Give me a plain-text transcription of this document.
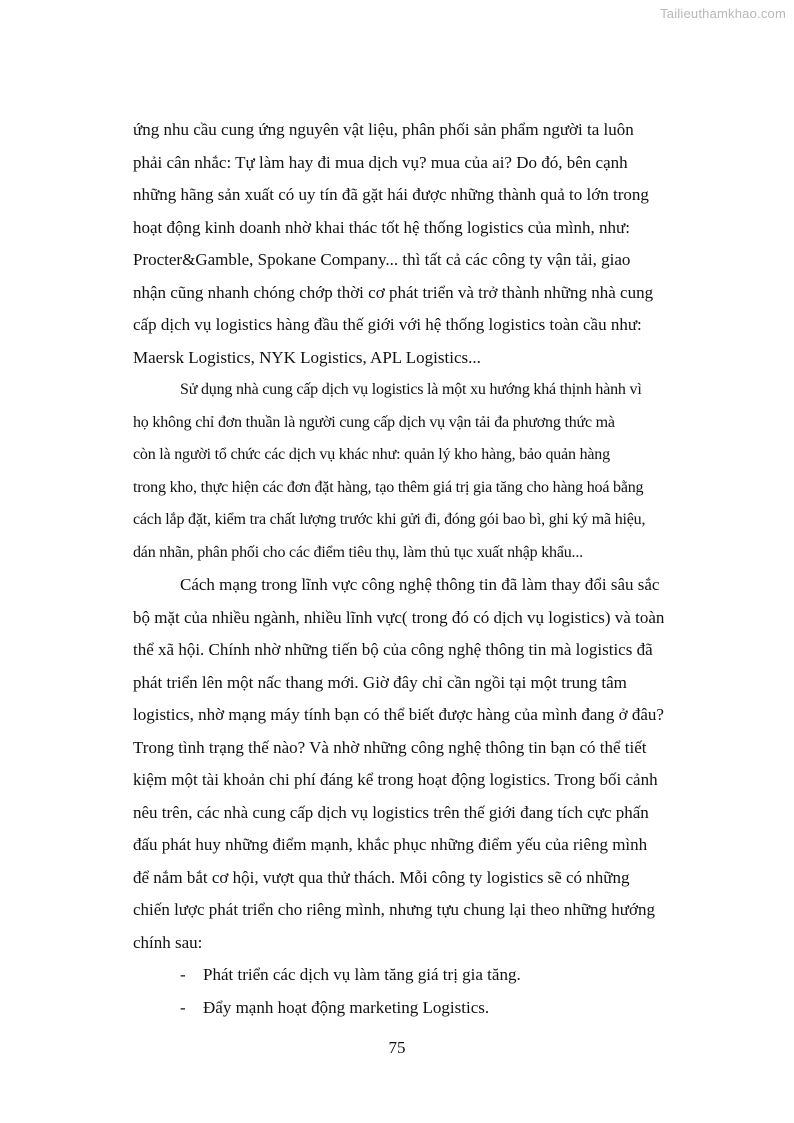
Tailieuthamkhao.com

ứng nhu cầu cung ứng nguyên vật liệu, phân phối sản phẩm người ta luôn
phải cân nhắc: Tự làm hay đi mua dịch vụ? mua của ai? Do đó, bên cạnh
những hãng sản xuất có uy tín đã gặt hái được những thành quả to lớn trong
hoạt động kinh doanh nhờ khai thác tốt hệ thống logistics của mình, như:
Procter&Gamble, Spokane Company... thì tất cả các công ty vận tải, giao
nhận cũng nhanh chóng chớp thời cơ phát triển và trở thành những nhà cung
cấp dịch vụ logistics hàng đầu thế giới với hệ thống logistics toàn cầu như:
Maersk Logistics, NYK Logistics, APL Logistics...

Sử dụng nhà cung cấp dịch vụ logistics là một xu hướng khá thịnh hành vì
họ không chỉ đơn thuần là người cung cấp dịch vụ vận tải đa phương thức mà
còn là người tổ chức các dịch vụ khác như: quản lý kho hàng, bảo quản hàng
trong kho, thực hiện các đơn đặt hàng, tạo thêm giá trị gia tăng cho hàng hoá bằng
cách lắp đặt, kiểm tra chất lượng trước khi gửi đi, đóng gói bao bì, ghi ký mã hiệu,
dán nhãn, phân phối cho các điểm tiêu thụ, làm thủ tục xuất nhập khẩu...

Cách mạng trong lĩnh vực công nghệ thông tin đã làm thay đổi sâu sắc
bộ mặt của nhiều ngành, nhiều lĩnh vực( trong đó có dịch vụ logistics) và toàn
thể xã hội. Chính nhờ những tiến bộ của công nghệ thông tin mà logistics đã
phát triển lên một nấc thang mới. Giờ đây chỉ cần ngồi tại một trung tâm
logistics, nhờ mạng máy tính bạn có thể biết được hàng của mình đang ở đâu?
Trong tình trạng thế nào? Và nhờ những công nghệ thông tin bạn có thể tiết
kiệm một tài khoản chi phí đáng kể trong hoạt động logistics. Trong bối cảnh
nêu trên, các nhà cung cấp dịch vụ logistics trên thế giới đang tích cực phấn
đấu phát huy những điểm mạnh, khắc phục những điểm yếu của riêng mình
để nắm bắt cơ hội, vượt qua thử thách. Mỗi công ty logistics sẽ có những
chiến lược phát triển cho riêng mình, nhưng tựu chung lại theo những hướng
chính sau:

-	Phát triển các dịch vụ làm tăng giá trị gia tăng.
-	Đẩy mạnh hoạt động marketing Logistics.
75
